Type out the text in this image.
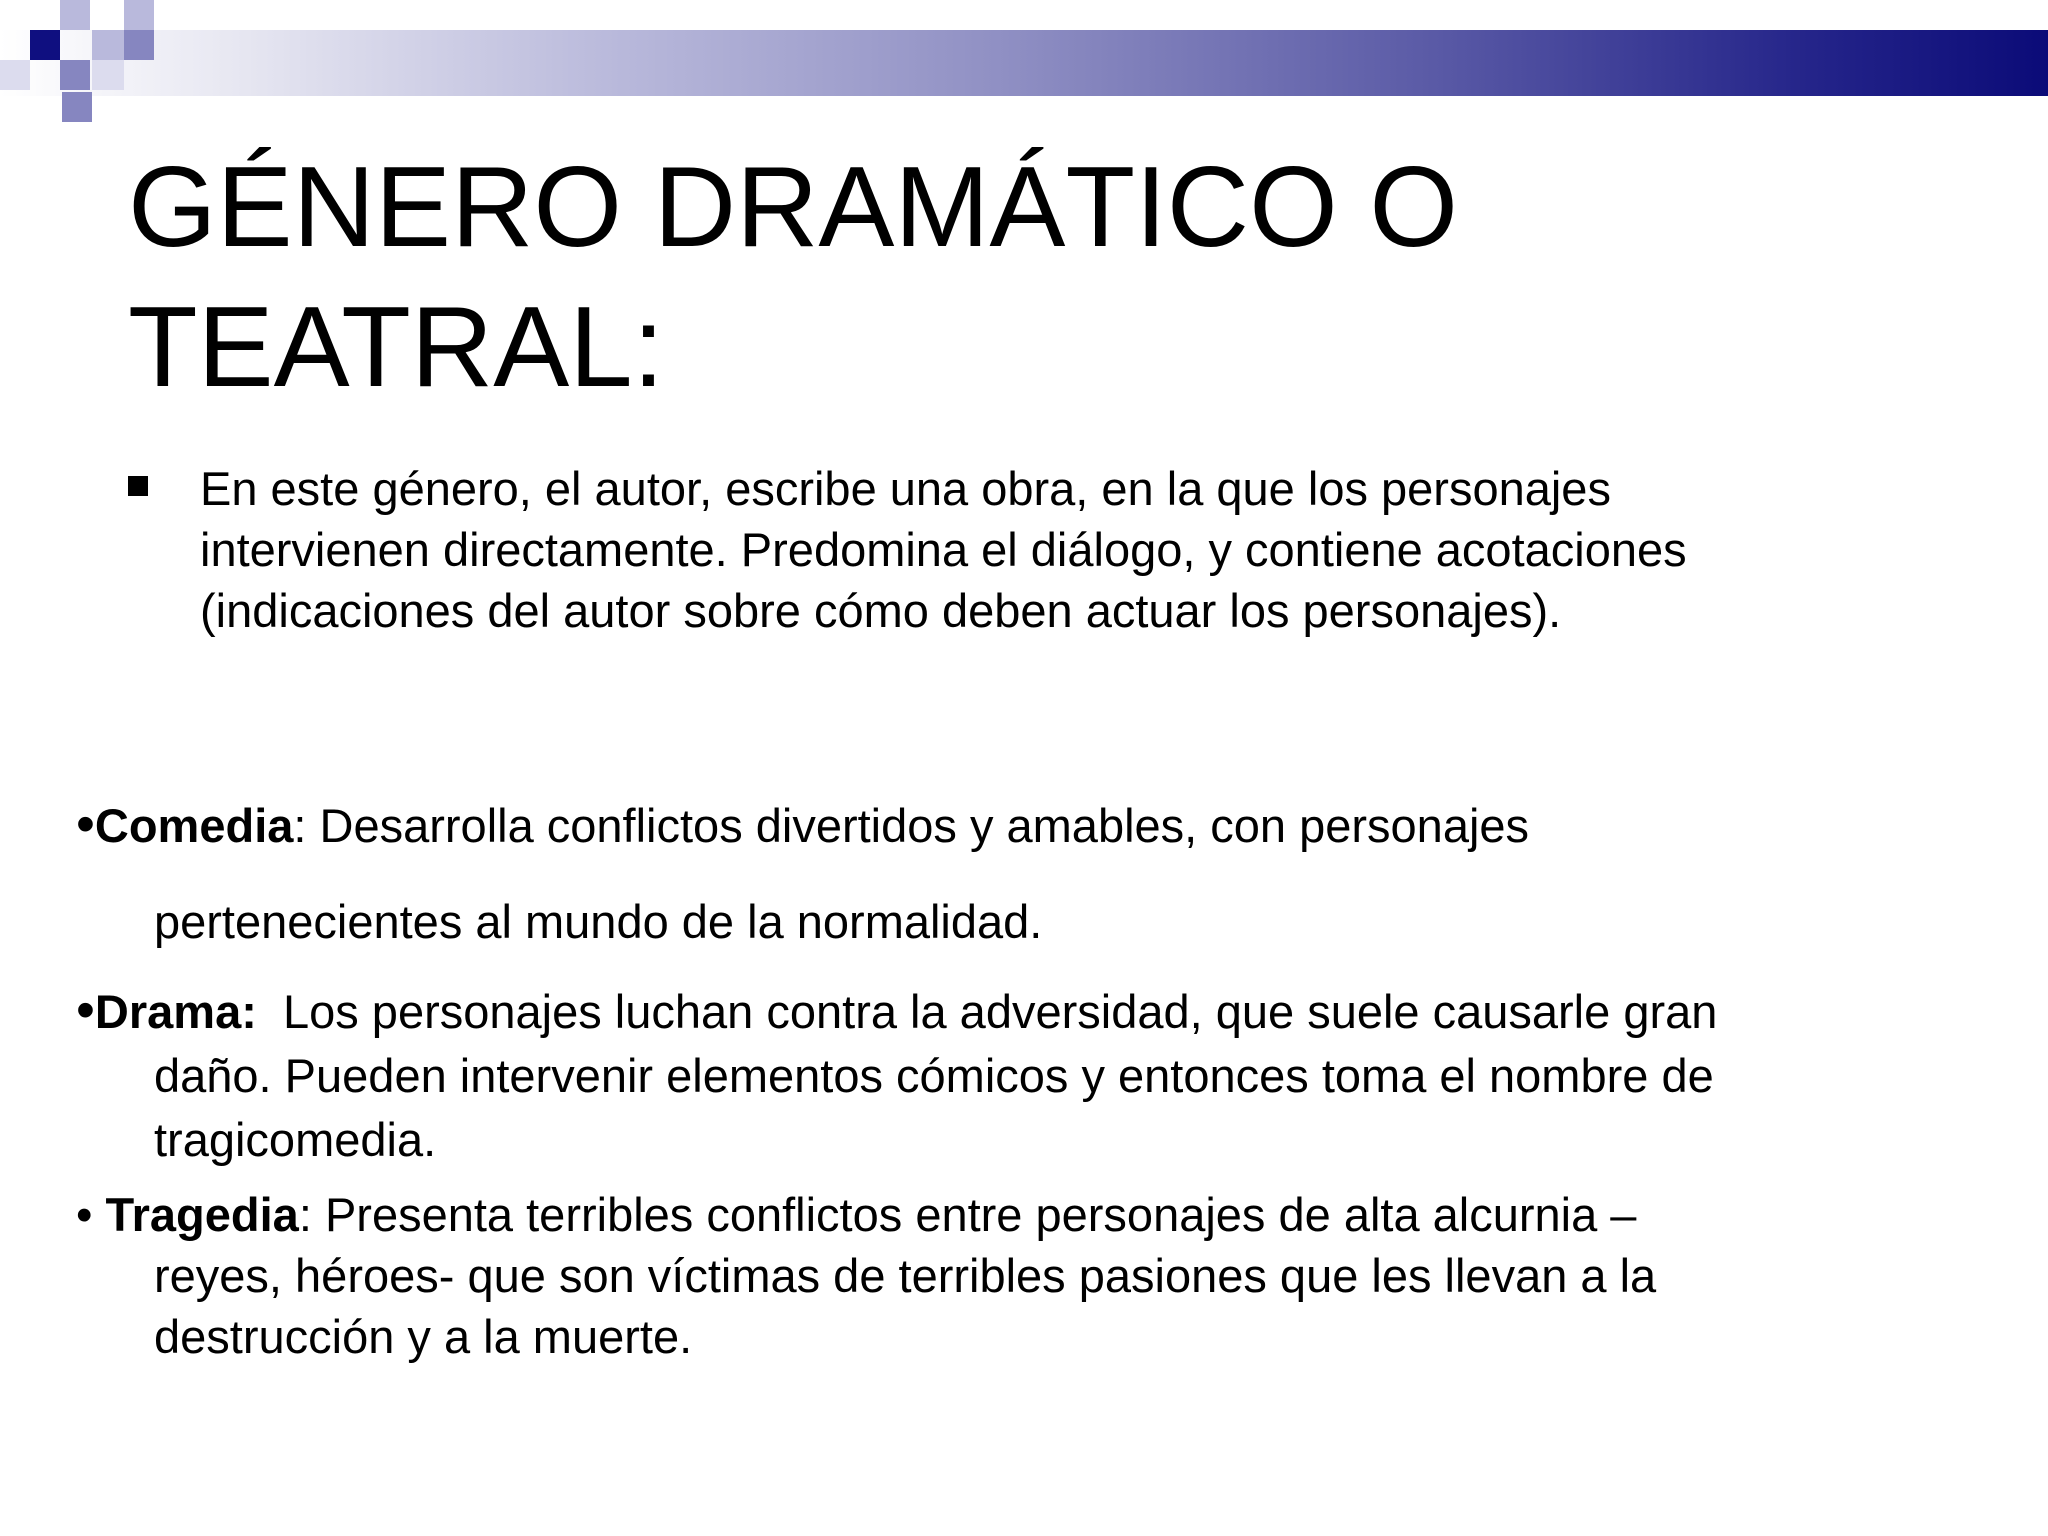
GÉNERO DRAMÁTICO O
TEATRAL:
En este género, el autor, escribe una obra, en la que los personajes
intervienen directamente. Predomina el diálogo, y contiene acotaciones
(indicaciones del autor sobre cómo deben actuar los personajes).
•Comedia: Desarrolla conflictos divertidos y amables, con personajes
pertenecientes al mundo de la normalidad.
•Drama:  Los personajes luchan contra la adversidad, que suele causarle gran
daño. Pueden intervenir elementos cómicos y entonces toma el nombre de
tragicomedia.
• Tragedia: Presenta terribles conflictos entre personajes de alta alcurnia –
reyes, héroes- que son víctimas de terribles pasiones que les llevan a la
destrucción y a la muerte.
